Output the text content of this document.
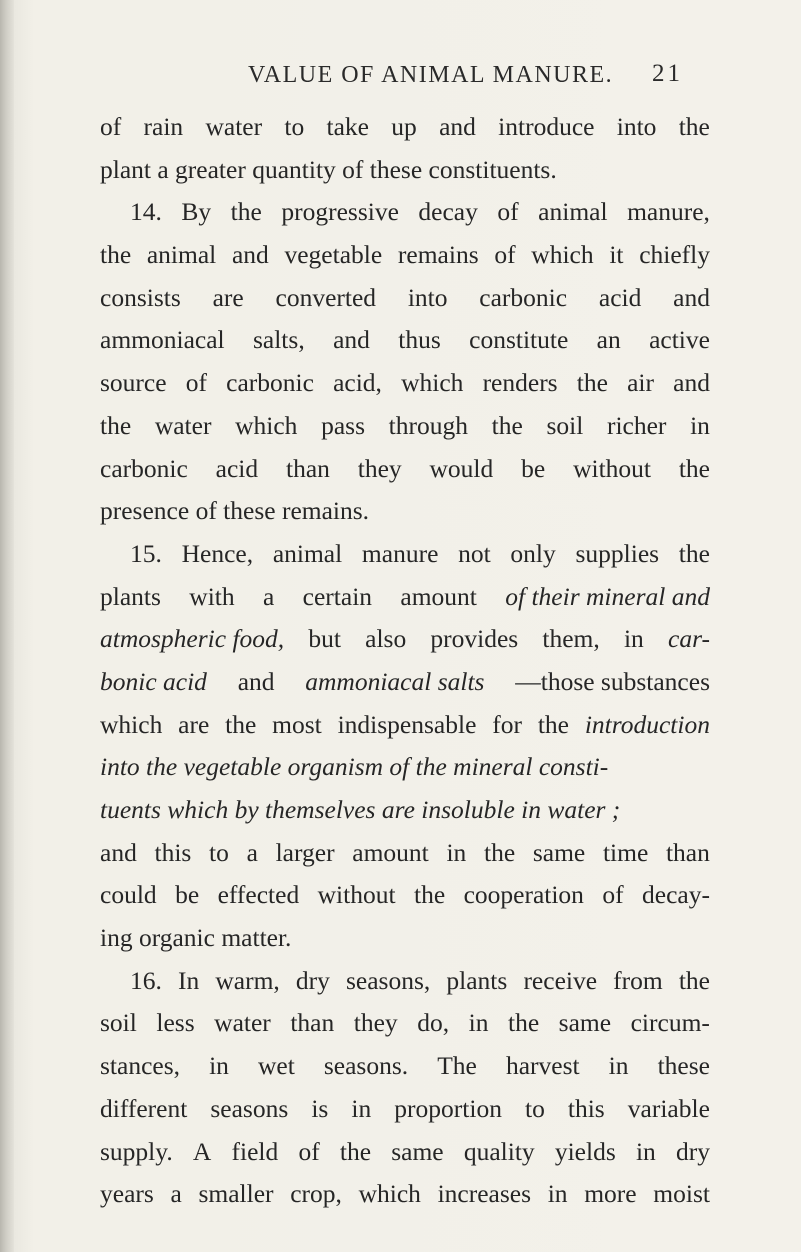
VALUE OF ANIMAL MANURE. 21
of rain water to take up and introduce into the
plant a greater quantity of these constituents.
14. By the progressive decay of animal manure,
the animal and vegetable remains of which it chiefly
consists are converted into carbonic acid and
ammoniacal salts, and thus constitute an active
source of carbonic acid, which renders the air and
the water which pass through the soil richer in
carbonic acid than they would be without the
presence of these remains.
15. Hence, animal manure not only supplies the
plants with a certain amount of their mineral and
atmospheric food, but also provides them, in car-
bonic acid and ammoniacal salts —those substances
which are the most indispensable for the introduction
into the vegetable organism of the mineral consti-
tuents which by themselves are insoluble in water ;
and this to a larger amount in the same time than
could be effected without the cooperation of decay-
ing organic matter.
16. In warm, dry seasons, plants receive from the
soil less water than they do, in the same circum-
stances, in wet seasons. The harvest in these
different seasons is in proportion to this variable
supply. A field of the same quality yields in dry
years a smaller crop, which increases in more moist
